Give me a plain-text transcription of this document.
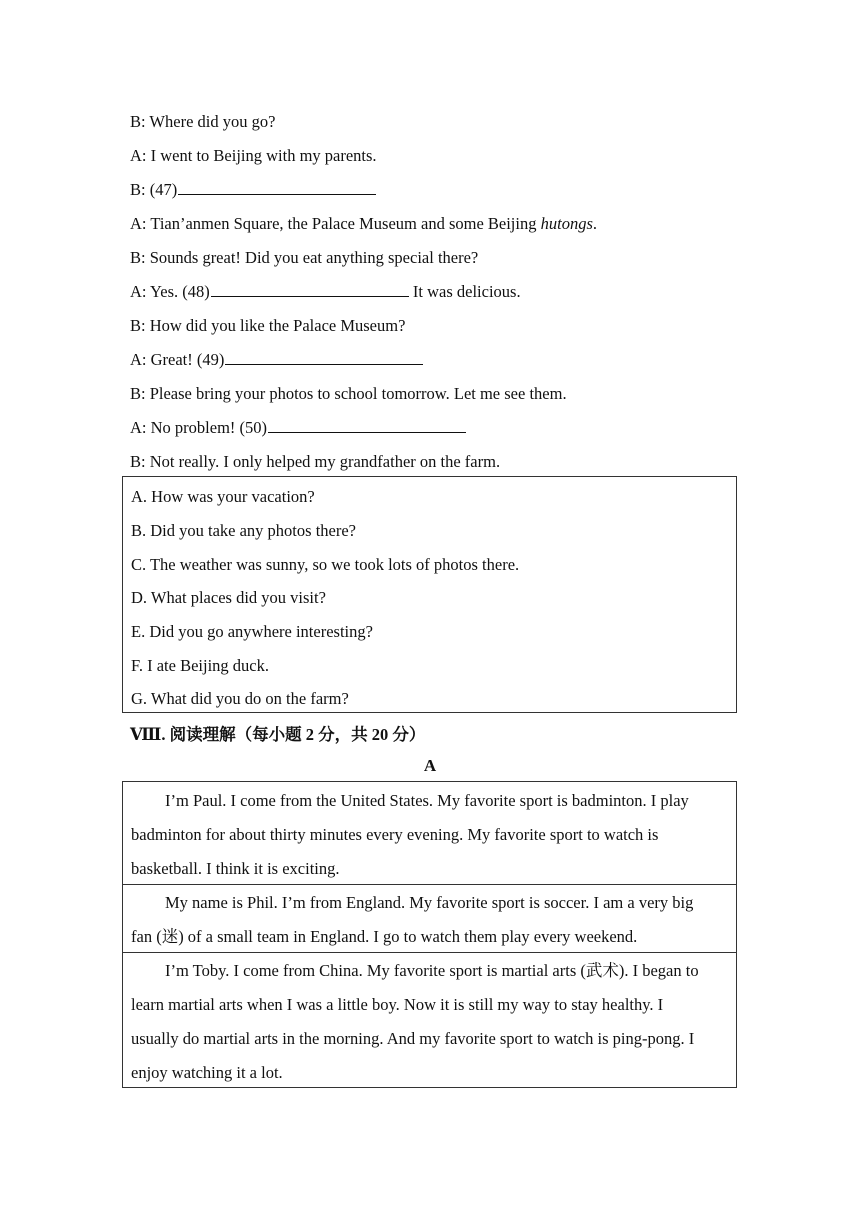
B: Where did you go?
A: I went to Beijing with my parents.
B: (47)
A: Tian’anmen Square, the Palace Museum and some Beijing hutongs.
B: Sounds great! Did you eat anything special there?
A: Yes. (48)	It was delicious.
B: How did you like the Palace Museum?
A: Great! (49)
B: Please bring your photos to school tomorrow. Let me see them.
A: No problem! (50)
B: Not really. I only helped my grandfather on the farm.
A. How was your vacation?
B. Did you take any photos there?
C. The weather was sunny, so we took lots of photos there.
D. What places did you visit?
E. Did you go anywhere interesting?
F. I ate Beijing duck.
G. What did you do on the farm?
Ⅷ. 阅读理解（每小题 2 分，共 20 分）
A
I’m Paul. I come from the United States. My favorite sport is badminton. I play
badminton for about thirty minutes every evening. My favorite sport to watch is
basketball. I think it is exciting.
My name is Phil. I’m from England. My favorite sport is soccer. I am a very big
fan (迷) of a small team in England. I go to watch them play every weekend.
I’m Toby. I come from China. My favorite sport is martial arts (武术). I began to
learn martial arts when I was a little boy. Now it is still my way to stay healthy. I
usually do martial arts in the morning. And my favorite sport to watch is ping-pong. I
enjoy watching it a lot.
